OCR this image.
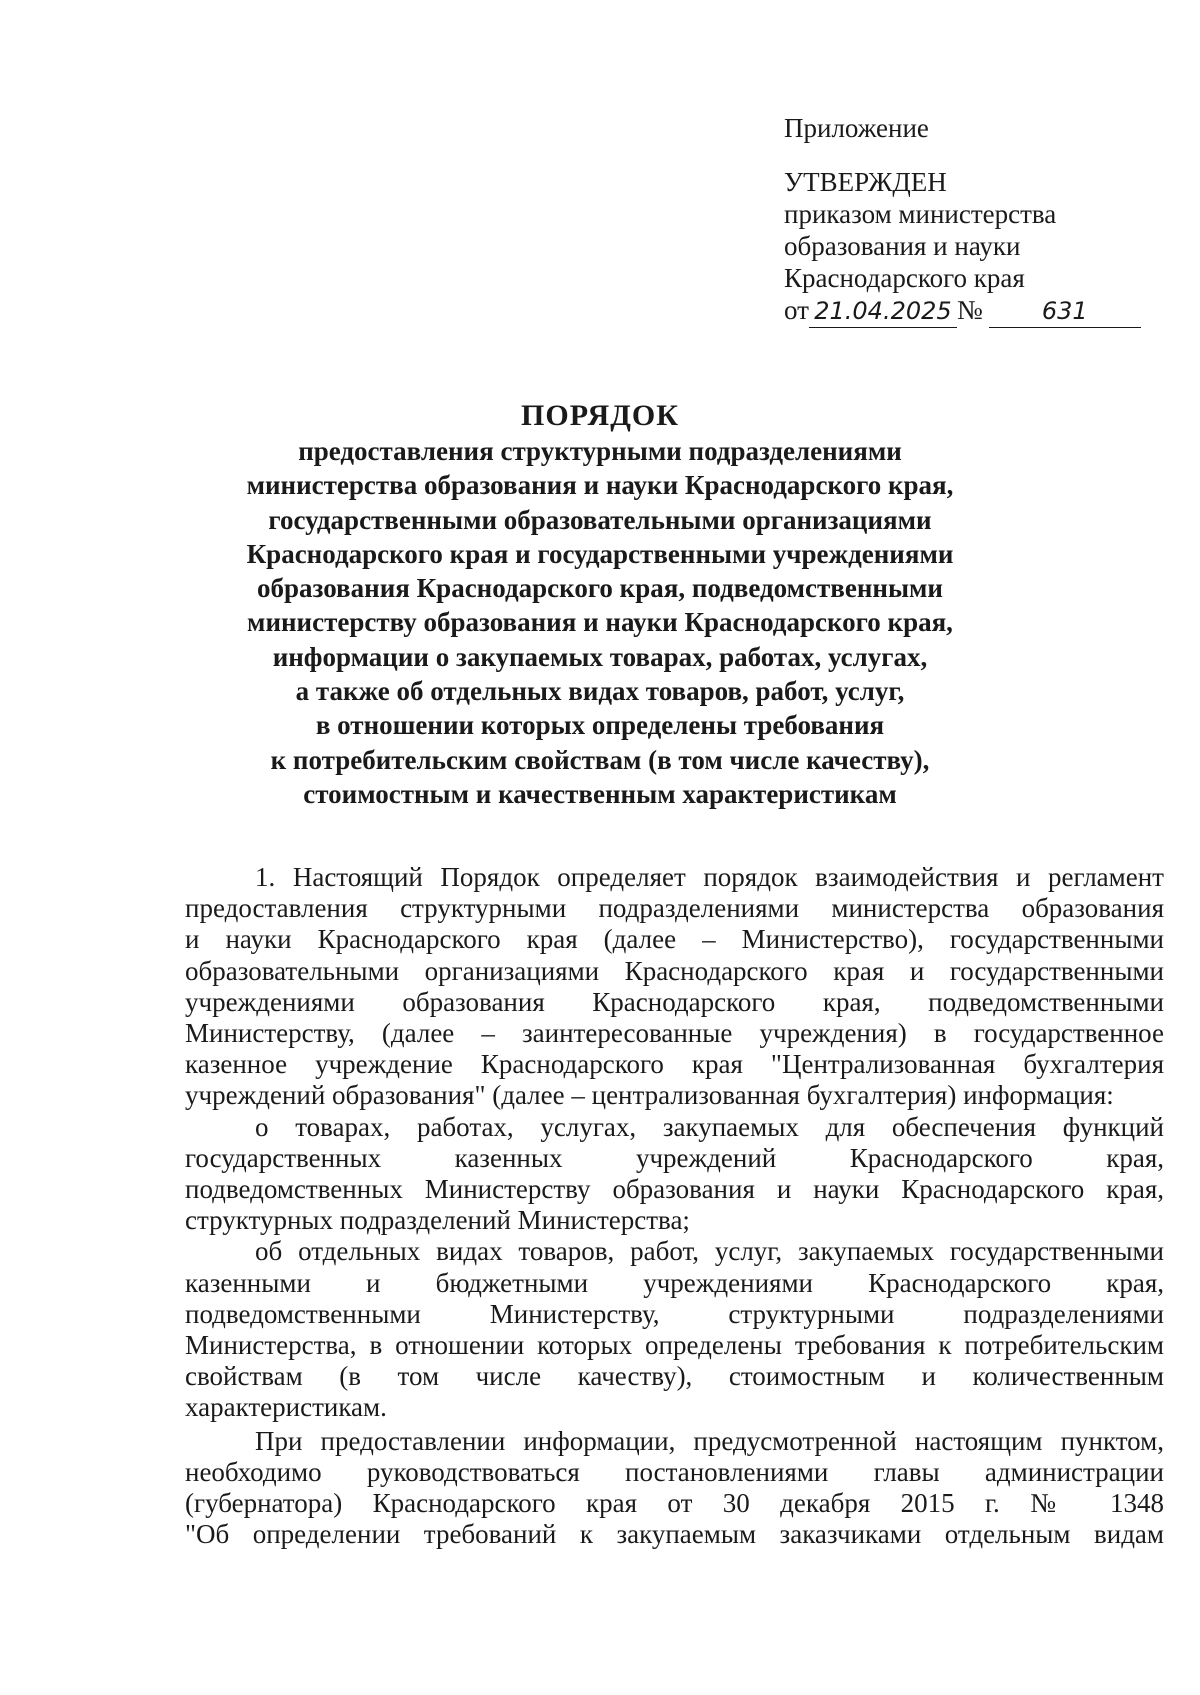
Приложение
УТВЕРЖДЕН
приказом министерства
образования и науки
Краснодарского края
от 21.04.2025 № 631
ПОРЯДОК
предоставления структурными подразделениями
министерства образования и науки Краснодарского края,
государственными образовательными организациями
Краснодарского края и государственными учреждениями
образования Краснодарского края, подведомственными
министерству образования и науки Краснодарского края,
информации о закупаемых товарах, работах, услугах,
а также об отдельных видах товаров, работ, услуг,
в отношении которых определены требования
к потребительским свойствам (в том числе качеству),
стоимостным и качественным характеристикам
1. Настоящий Порядок определяет порядок взаимодействия и регламент
предоставления структурными подразделениями министерства образования
и науки Краснодарского края (далее – Министерство), государственными
образовательными организациями Краснодарского края и государственными
учреждениями образования Краснодарского края, подведомственными
Министерству, (далее – заинтересованные учреждения) в государственное
казенное учреждение Краснодарского края "Централизованная бухгалтерия
учреждений образования" (далее – централизованная бухгалтерия) информация:
о товарах, работах, услугах, закупаемых для обеспечения функций
государственных казенных учреждений Краснодарского края,
подведомственных Министерству образования и науки Краснодарского края,
структурных подразделений Министерства;
об отдельных видах товаров, работ, услуг, закупаемых государственными
казенными и бюджетными учреждениями Краснодарского края,
подведомственными Министерству, структурными подразделениями
Министерства, в отношении которых определены требования к потребительским
свойствам (в том числе качеству), стоимостным и количественным
характеристикам.
При предоставлении информации, предусмотренной настоящим пунктом,
необходимо руководствоваться постановлениями главы администрации
(губернатора) Краснодарского края от 30 декабря 2015 г. № 1348
"Об определении требований к закупаемым заказчиками отдельным видам
